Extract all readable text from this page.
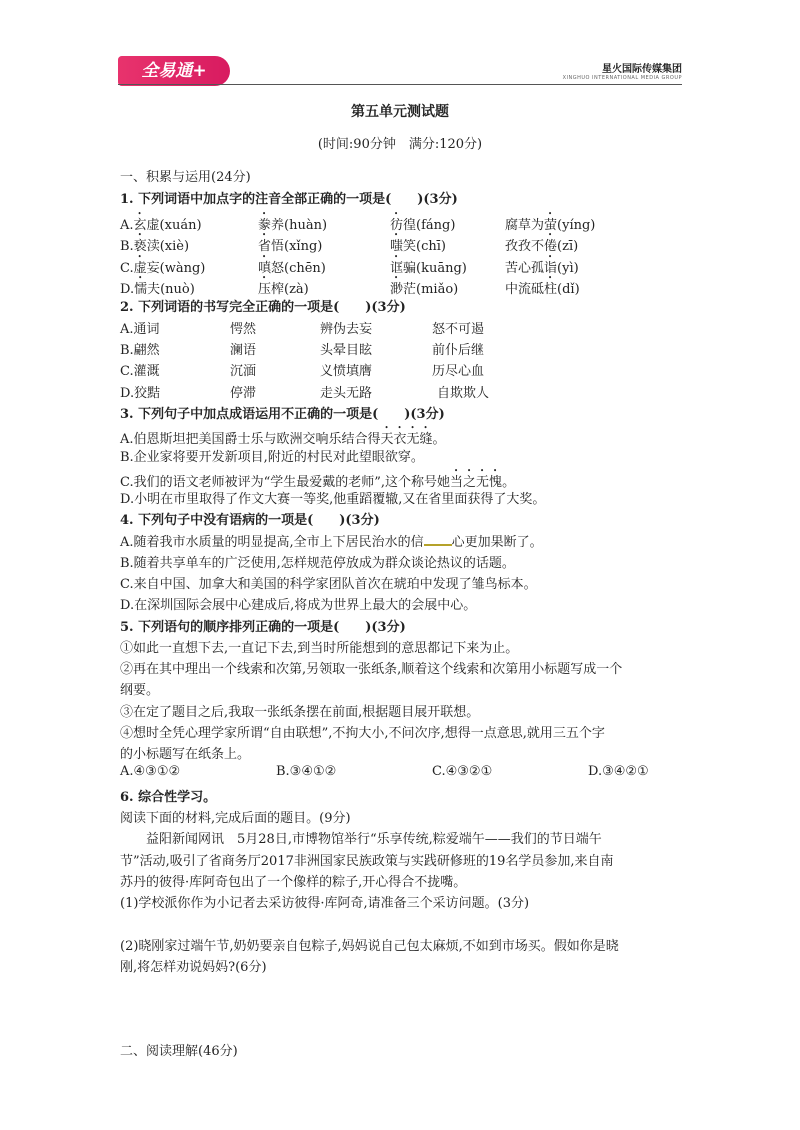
全易通+	星火国际传媒集团
XINGHUO INTERNATIONAL MEDIA GROUP
第五单元测试题
(时间:90分钟　满分:120分)
一、积累与运用(24分)
1. 下列词语中加点字的注音全部正确的一项是(　　)(3分)
A.玄虚(xuán)	豢养(huàn)	彷徨(fáng)	腐草为萤(yíng)
B.亵渎(xiè)	省悟(xǐng)	嗤笑(chī)	孜孜不倦(zī)
C.虚妄(wàng)	嗔怒(chēn)	诓骗(kuāng)	苦心孤诣(yì)
D.懦夫(nuò)	压榨(zà)	渺茫(miǎo)	中流砥柱(dǐ)
2. 下列词语的书写完全正确的一项是(　　)(3分)
A.通词	愕然	辨伪去妄	怒不可遏
B.翩然	澜语	头晕目眩	前仆后继
C.灌溉	沉湎	义愤填膺	历尽心血
D.狡黠	停滞	走头无路	自欺欺人
3. 下列句子中加点成语运用不正确的一项是(　　)(3分)
A.伯恩斯坦把美国爵士乐与欧洲交响乐结合得天衣无缝。
B.企业家将要开发新项目,附近的村民对此望眼欲穿。
C.我们的语文老师被评为“学生最爱戴的老师”,这个称号她当之无愧。
D.小明在市里取得了作文大赛一等奖,他重蹈覆辙,又在省里面获得了大奖。
4. 下列句子中没有语病的一项是(　　)(3分)
A.随着我市水质量的明显提高,全市上下居民治水的信 心更加果断了。
B.随着共享单车的广泛使用,怎样规范停放成为群众谈论热议的话题。
C.来自中国、加拿大和美国的科学家团队首次在琥珀中发现了雏鸟标本。
D.在深圳国际会展中心建成后,将成为世界上最大的会展中心。
5. 下列语句的顺序排列正确的一项是(　　)(3分)
①如此一直想下去,一直记下去,到当时所能想到的意思都记下来为止。
②再在其中理出一个线索和次第,另领取一张纸条,顺着这个线索和次第用小标题写成一个
纲要。
③在定了题目之后,我取一张纸条摆在前面,根据题目展开联想。
④想时全凭心理学家所谓“自由联想”,不拘大小,不问次序,想得一点意思,就用三五个字
的小标题写在纸条上。
A.④③①②	B.③④①②	C.④③②①	D.③④②①
6. 综合性学习。
阅读下面的材料,完成后面的题目。(9分)
益阳新闻网讯　5月28日,市博物馆举行“乐享传统,粽爱端午——我们的节日端午
节”活动,吸引了省商务厅2017非洲国家民族政策与实践研修班的19名学员参加,来自南
苏丹的彼得·库阿奇包出了一个像样的粽子,开心得合不拢嘴。
(1)学校派你作为小记者去采访彼得·库阿奇,请准备三个采访问题。(3分)
(2)晓刚家过端午节,奶奶要亲自包粽子,妈妈说自己包太麻烦,不如到市场买。假如你是晓
刚,将怎样劝说妈妈?(6分)
二、阅读理解(46分)
